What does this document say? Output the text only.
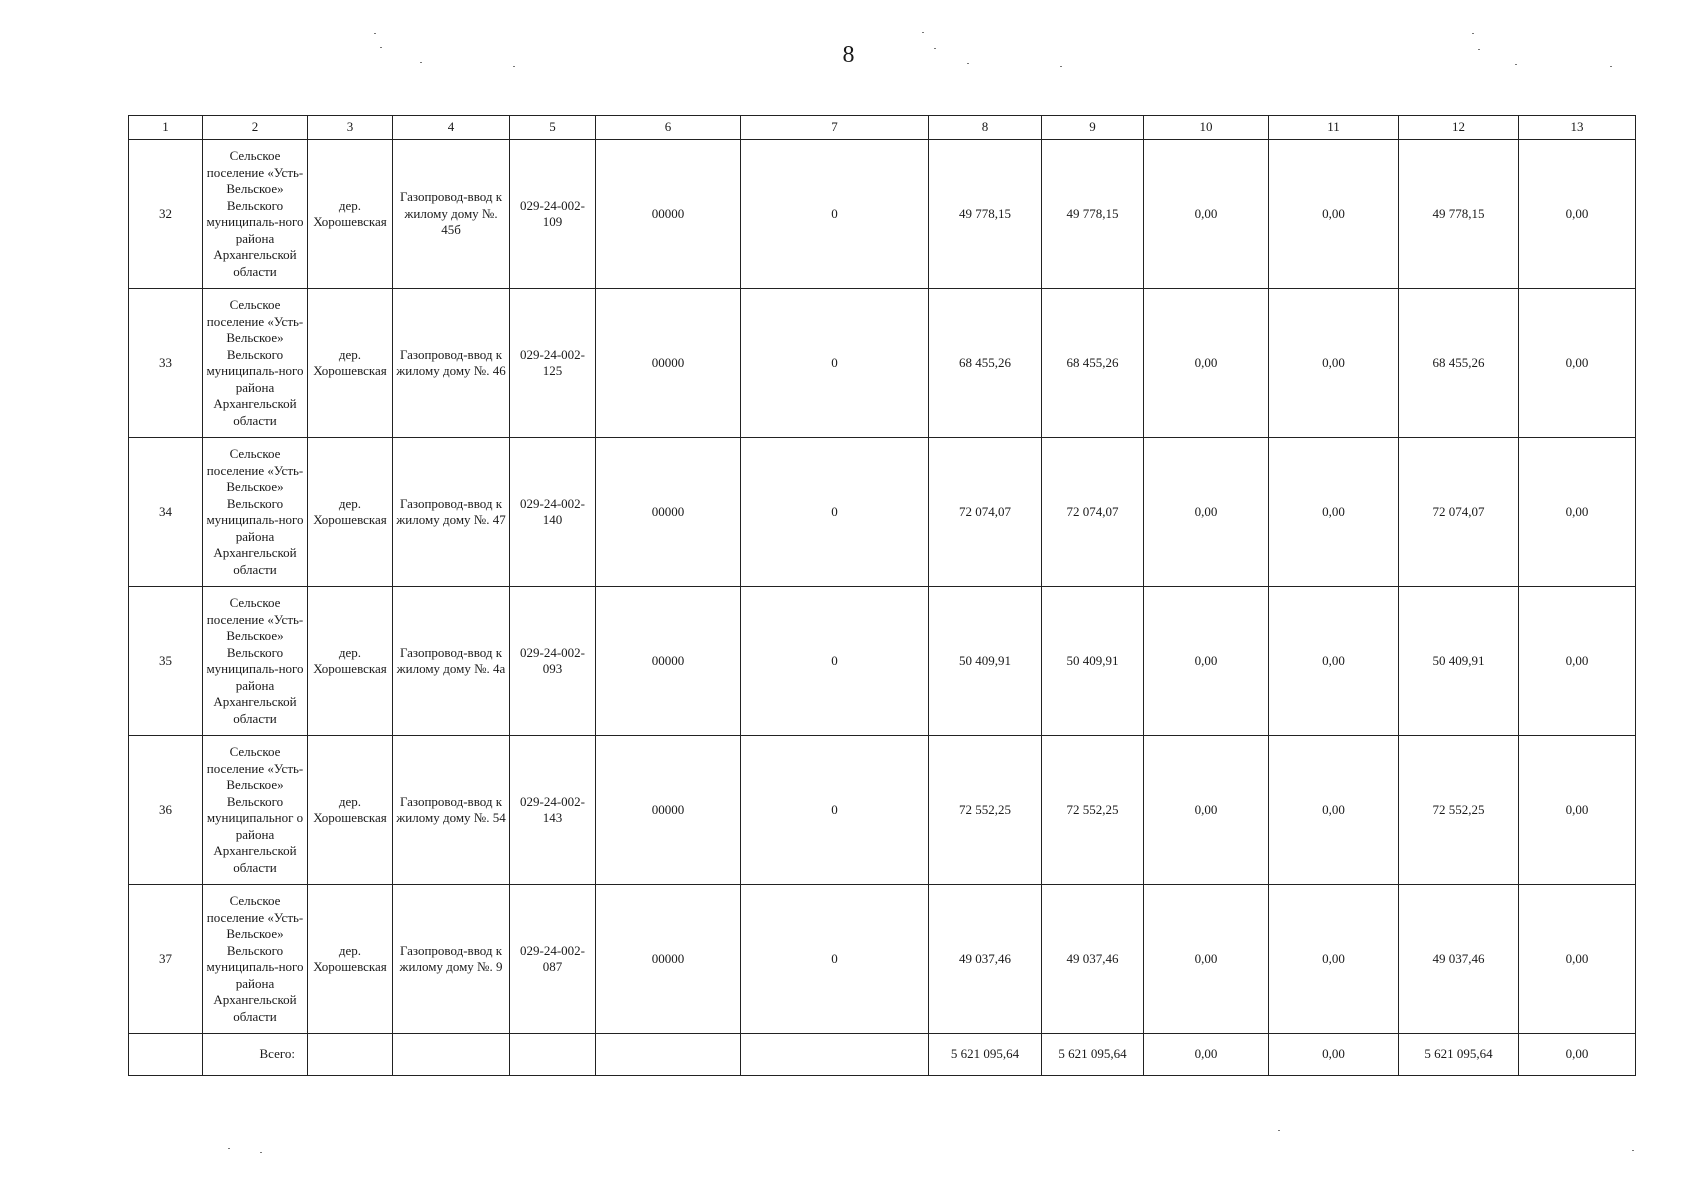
8
1	2	3	4	5	6	7	8	9	10	11	12	13
32	Сельское поселение «Усть-Вельское» Вельского муниципаль-ного района Архангельской области	дер. Хорошевская	Газопровод-ввод к жилому дому №. 45б	029-24-002-109	00000	0	49 778,15	49 778,15	0,00	0,00	49 778,15	0,00
33	Сельское поселение «Усть-Вельское» Вельского муниципаль-ного района Архангельской области	дер. Хорошевская	Газопровод-ввод к жилому дому №. 46	029-24-002-125	00000	0	68 455,26	68 455,26	0,00	0,00	68 455,26	0,00
34	Сельское поселение «Усть-Вельское» Вельского муниципаль-ного района Архангельской области	дер. Хорошевская	Газопровод-ввод к жилому дому №. 47	029-24-002-140	00000	0	72 074,07	72 074,07	0,00	0,00	72 074,07	0,00
35	Сельское поселение «Усть-Вельское» Вельского муниципаль-ного района Архангельской области	дер. Хорошевская	Газопровод-ввод к жилому дому №. 4а	029-24-002-093	00000	0	50 409,91	50 409,91	0,00	0,00	50 409,91	0,00
36	Сельское поселение «Усть-Вельское» Вельского муниципальног о района Архангельской области	дер. Хорошевская	Газопровод-ввод к жилому дому №. 54	029-24-002-143	00000	0	72 552,25	72 552,25	0,00	0,00	72 552,25	0,00
37	Сельское поселение «Усть-Вельское» Вельского муниципаль-ного района Архангельской области	дер. Хорошевская	Газопровод-ввод к жилому дому №. 9	029-24-002-087	00000	0	49 037,46	49 037,46	0,00	0,00	49 037,46	0,00
	Всего:						5 621 095,64	5 621 095,64	0,00	0,00	5 621 095,64	0,00
